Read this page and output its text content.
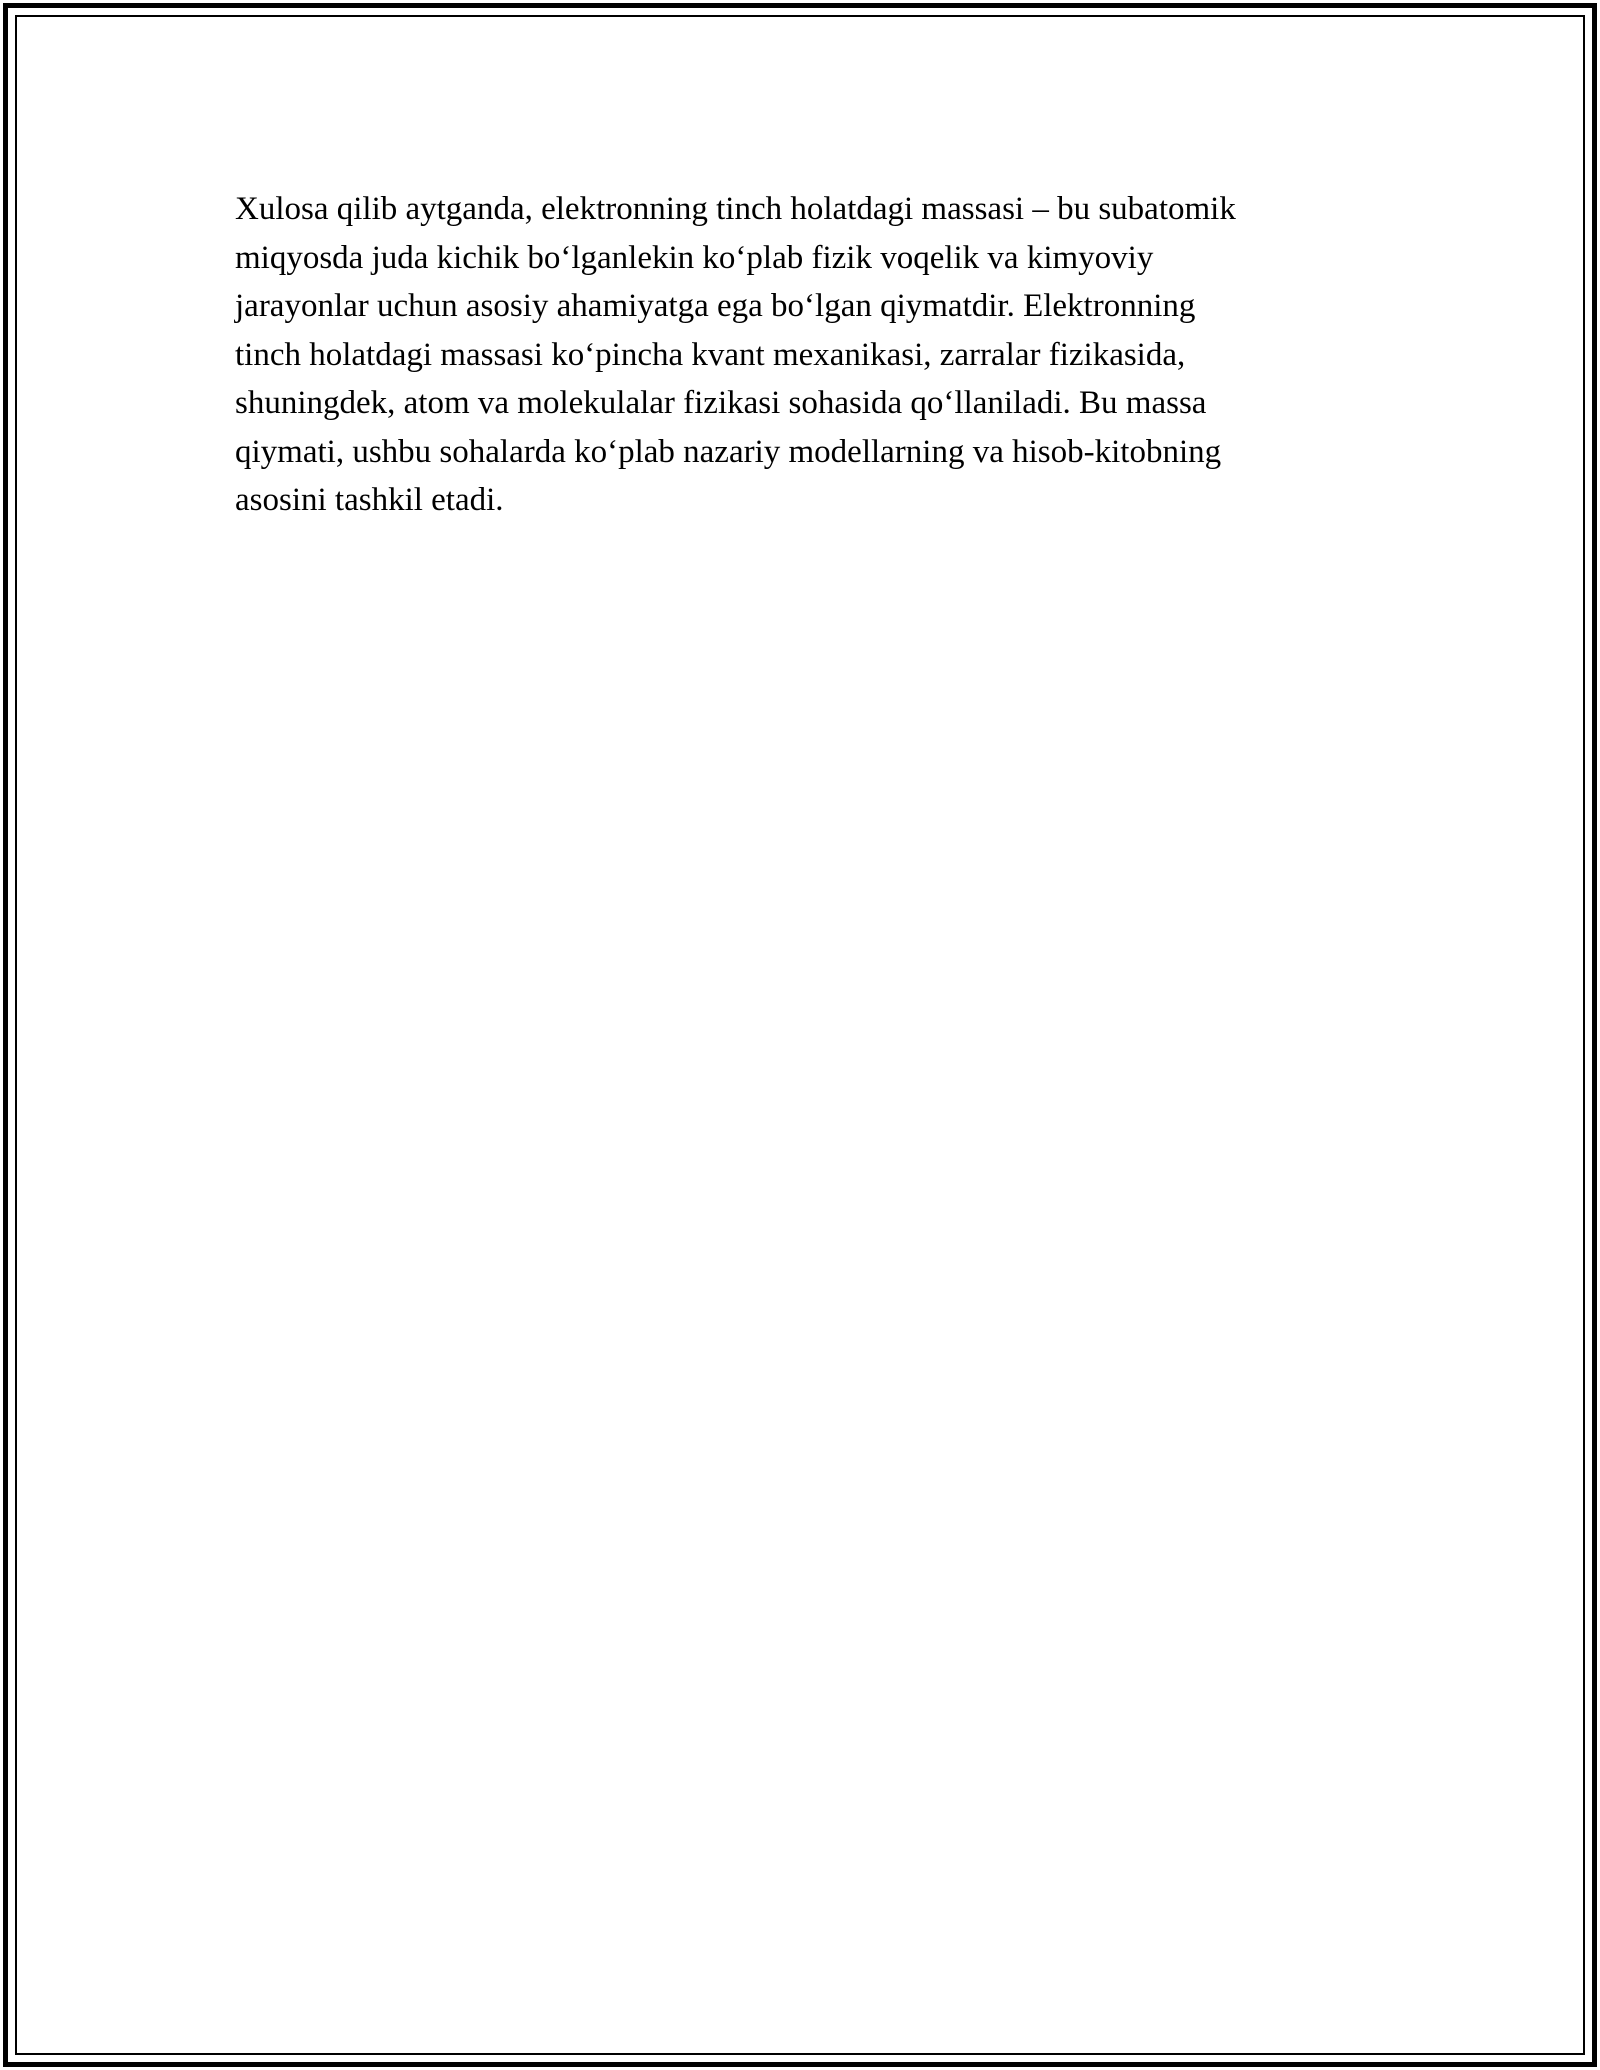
Xulosa qilib aytganda, elektronning tinch holatdagi massasi – bu subatomik
miqyosda juda kichik bo‘lganlekin ko‘plab fizik voqelik va kimyoviy
jarayonlar uchun asosiy ahamiyatga ega bo‘lgan qiymatdir. Elektronning
tinch holatdagi massasi ko‘pincha kvant mexanikasi, zarralar fizikasida,
shuningdek, atom va molekulalar fizikasi sohasida qo‘llaniladi. Bu massa
qiymati, ushbu sohalarda ko‘plab nazariy modellarning va hisob-kitobning
asosini tashkil etadi.
